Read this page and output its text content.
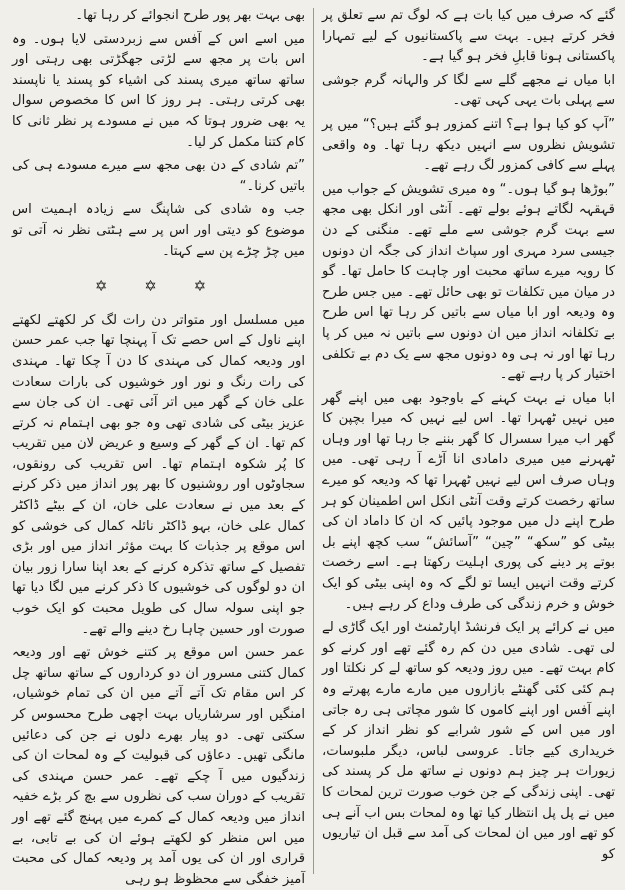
گئے کہ صرف میں کیا بات ہے کہ لوگ تم سے تعلق پر فخر کرتے ہیں۔ بہت سے پاکستانیوں کے لیے تمہارا پاکستانی ہونا قابلِ فخر ہو گیا ہے۔

ابا میاں نے مجھے گلے سے لگا کر والہانہ گرم جوشی سے پہلی بات یہی کہی تھی۔

”آپ کو کیا ہوا ہے؟ اتنے کمزور ہو گئے ہیں؟“ میں پر تشویش نظروں سے انہیں دیکھ رہا تھا۔ وہ واقعی پہلے سے کافی کمزور لگ رہے تھے۔

”بوڑھا ہو گیا ہوں۔“ وہ میری تشویش کے جواب میں قہقہہ لگاتے ہوئے بولے تھے۔ آنٹی اور انکل بھی مجھ سے بہت گرم جوشی سے ملے تھے۔ منگنی کے دن جیسی سرد مہری اور سپاٹ انداز کی جگہ ان دونوں کا رویہ میرے ساتھ محبت اور چاہت کا حامل تھا۔ گو در میان میں تکلفات تو بھی حائل تھے۔ میں جس طرح وہ ودیعہ اور ابا میاں سے باتیں کر رہا تھا اس طرح بے تکلفانہ انداز میں ان دونوں سے باتیں نہ میں کر پا رہا تھا اور نہ ہی وہ دونوں مجھ سے یک دم بے تکلفی اختیار کر پا رہے تھے۔

ابا میاں نے بہت کہنے کے باوجود بھی میں اپنے گھر میں نہیں ٹھہرا تھا۔ اس لیے نہیں کہ میرا بچپن کا گھر اب میرا سسرال کا گھر بننے جا رہا تھا اور وہاں ٹھہرنے میں میری دامادی انا آڑے آ رہی تھی۔ میں وہاں صرف اس لیے نہیں ٹھہرا تھا کہ ودیعہ کو میرے ساتھ رخصت کرتے وقت آنٹی انکل اس اطمینان کو ہر طرح اپنے دل میں موجود پائیں کہ ان کا داماد ان کی بیٹی کو ”سکھ“ ”چین“ ”آسائش“ سب کچھ اپنے بل بوتے پر دینے کی پوری اہلیت رکھتا ہے۔ اسے رخصت کرتے وقت انہیں ایسا تو لگے کہ وہ اپنی بیٹی کو ایک خوش و خرم زندگی کی طرف وداع کر رہے ہیں۔

میں نے کرائے پر ایک فرنشڈ اپارٹمنٹ اور ایک گاڑی لے لی تھی۔ شادی میں دن کم رہ گئے تھے اور کرنے کو کام بہت تھے۔ میں روز ودیعہ کو ساتھ لے کر نکلتا اور ہم کئی کئی گھنٹے بازاروں میں مارے مارے پھرتے وہ اپنے آفس اور اپنے کاموں کا شور مچاتی ہی رہ جاتی اور میں اس کے شور شرابے کو نظر انداز کر کے خریداری کیے جاتا۔ عروسی لباس، دیگر ملبوسات، زیورات ہر چیز ہم دونوں نے ساتھ مل کر پسند کی تھی۔ اپنی زندگی کے جن خوب صورت ترین لمحات کا میں نے پل پل انتظار کیا تھا وہ لمحات بس اب آنے ہی کو تھے اور میں ان لمحات کی آمد سے قبل ان تیاریوں کو

بھی بہت بھر پور طرح انجوائے کر رہا تھا۔

میں اسے اس کے آفس سے زبردستی لایا ہوں۔ وہ اس بات پر مجھ سے لڑتی جھگڑتی بھی رہتی اور ساتھ ساتھ میری پسند کی اشیاء کو پسند یا ناپسند بھی کرتی رہتی۔ ہر روز کا اس کا مخصوص سوال یہ بھی ضرور ہوتا کہ میں نے مسودے پر نظر ثانی کا کام کتنا مکمل کر لیا۔

”تم شادی کے دن بھی مجھ سے میرے مسودے ہی کی باتیں کرنا۔“

جب وہ شادی کی شاپنگ سے زیادہ اہمیت اس موضوع کو دیتی اور اس پر سے ہٹتی نظر نہ آتی تو میں چڑ چڑے پن سے کہتا۔

✡ ✡ ✡

میں مسلسل اور متواتر دن رات لگ کر لکھتے لکھتے اپنے ناول کے اس حصے تک آ پہنچا تھا جب عمر حسن اور ودیعہ کمال کی مہندی کا دن آ چکا تھا۔ مہندی کی رات رنگ و نور اور خوشیوں کی بارات سعادت علی خان کے گھر میں اتر آئی تھی۔ ان کی جان سے عزیز بیٹی کی شادی تھی وہ جو بھی اہتمام نہ کرتے کم تھا۔ ان کے گھر کے وسیع و عریض لان میں تقریب کا پُر شکوہ اہتمام تھا۔ اس تقریب کی رونقوں، سجاوٹوں اور روشنیوں کا بھر پور انداز میں ذکر کرنے کے بعد میں نے سعادت علی خان، ان کے بیٹے ڈاکٹر کمال علی خان، بہو ڈاکٹر نائلہ کمال کی خوشی کو اس موقع پر جذبات کا بہت مؤثر انداز میں اور بڑی تفصیل کے ساتھ تذکرہ کرنے کے بعد اپنا سارا زور بیان ان دو لوگوں کی خوشیوں کا ذکر کرنے میں لگا دیا تھا جو اپنی سولہ سال کی طویل محبت کو ایک خوب صورت اور حسین چاہا رخ دینے والے تھے۔

عمر حسن اس موقع پر کتنے خوش تھے اور ودیعہ کمال کتنی مسرور ان دو کرداروں کے ساتھ ساتھ چل کر اس مقام تک آتے آتے میں ان کی تمام خوشیاں، امنگیں اور سرشاریاں بہت اچھی طرح محسوس کر سکتی تھی۔ دو پیار بھرے دلوں نے جن کی دعائیں مانگی تھیں۔ دعاؤں کی قبولیت کے وہ لمحات ان کی زندگیوں میں آ چکے تھے۔ عمر حسن مہندی کی تقریب کے دوران سب کی نظروں سے بچ کر بڑے خفیہ انداز میں ودیعہ کمال کے کمرے میں پہنچ گئے تھے اور میں اس منظر کو لکھتے ہوئے ان کی بے تابی، بے قراری اور ان کی یوں آمد پر ودیعہ کمال کی محبت آمیز خفگی سے محظوظ ہو رہی
